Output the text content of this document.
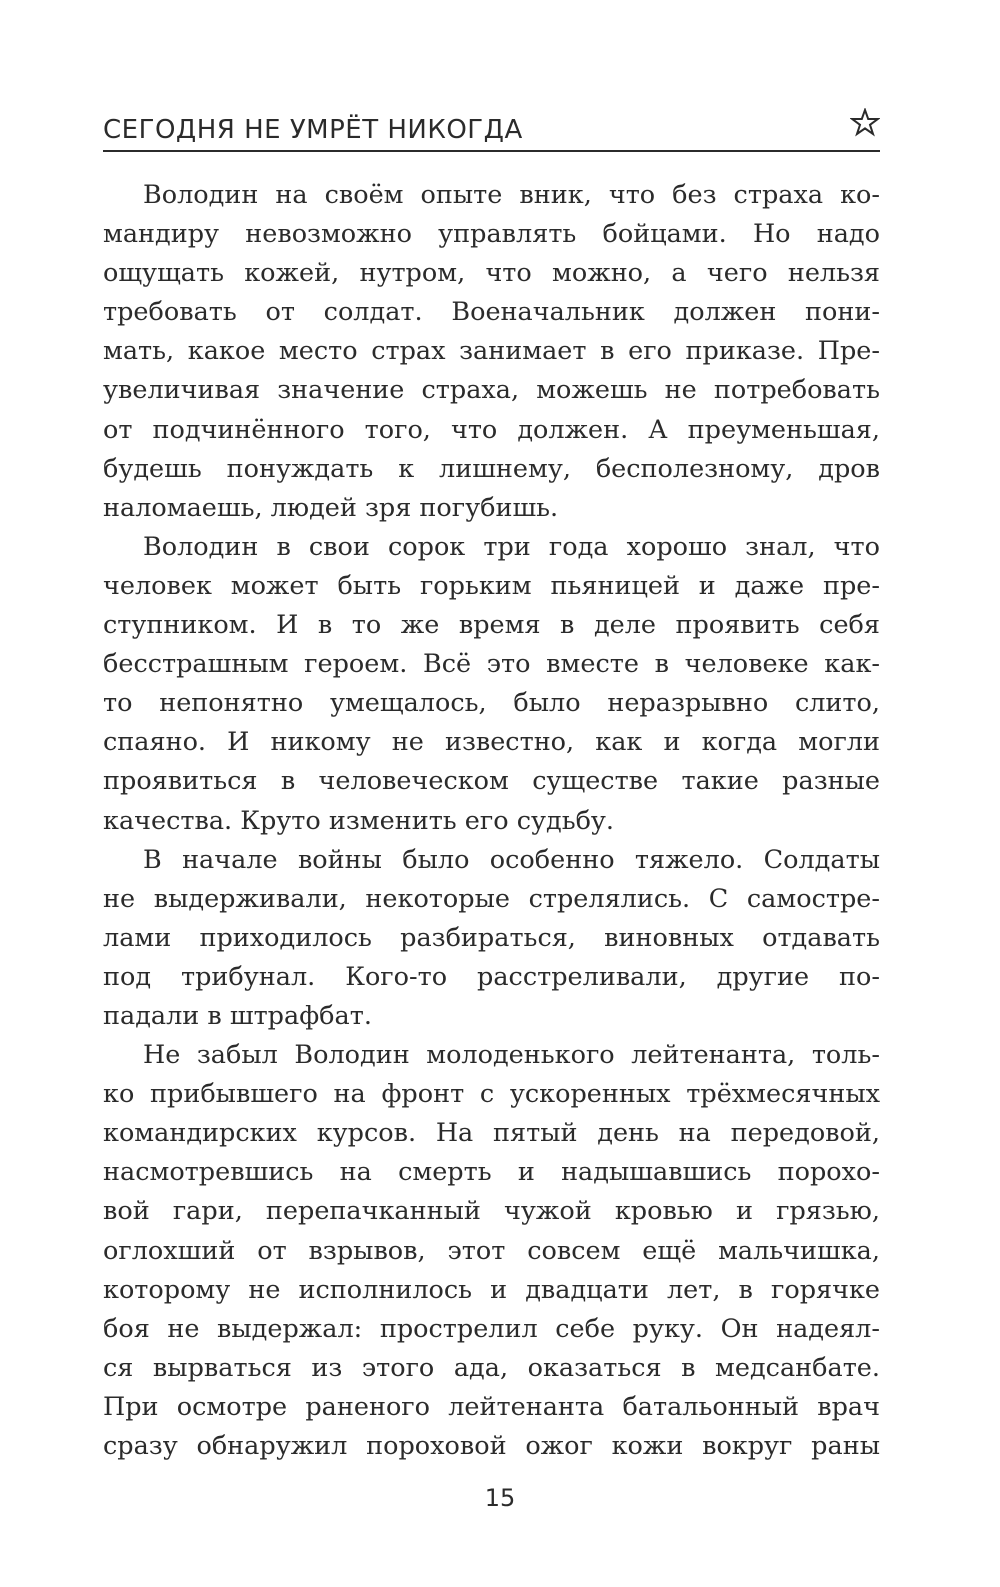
СЕГОДНЯ НЕ УМРЁТ НИКОГДА
Володин на своём опыте вник, что без страха ко-
мандиру невозможно управлять бойцами. Но надо
ощущать кожей, нутром, что можно, а чего нельзя
требовать от солдат. Военачальник должен пони-
мать, какое место страх занимает в его приказе. Пре-
увеличивая значение страха, можешь не потребовать
от подчинённого того, что должен. А преуменьшая,
будешь понуждать к лишнему, бесполезному, дров
наломаешь, людей зря погубишь.
Володин в свои сорок три года хорошо знал, что
человек может быть горьким пьяницей и даже пре-
ступником. И в то же время в деле проявить себя
бесстрашным героем. Всё это вместе в человеке как-
то непонятно умещалось, было неразрывно слито,
спаяно. И никому не известно, как и когда могли
проявиться в человеческом существе такие разные
качества. Круто изменить его судьбу.
В начале войны было особенно тяжело. Солдаты
не выдерживали, некоторые стрелялись. С самостре-
лами приходилось разбираться, виновных отдавать
под трибунал. Кого-то расстреливали, другие по-
падали в штрафбат.
Не забыл Володин молоденького лейтенанта, толь-
ко прибывшего на фронт с ускоренных трёхмесячных
командирских курсов. На пятый день на передовой,
насмотревшись на смерть и надышавшись порохо-
вой гари, перепачканный чужой кровью и грязью,
оглохший от взрывов, этот совсем ещё мальчишка,
которому не исполнилось и двадцати лет, в горячке
боя не выдержал: прострелил себе руку. Он надеял-
ся вырваться из этого ада, оказаться в медсанбате.
При осмотре раненого лейтенанта батальонный врач
сразу обнаружил пороховой ожог кожи вокруг раны
15
